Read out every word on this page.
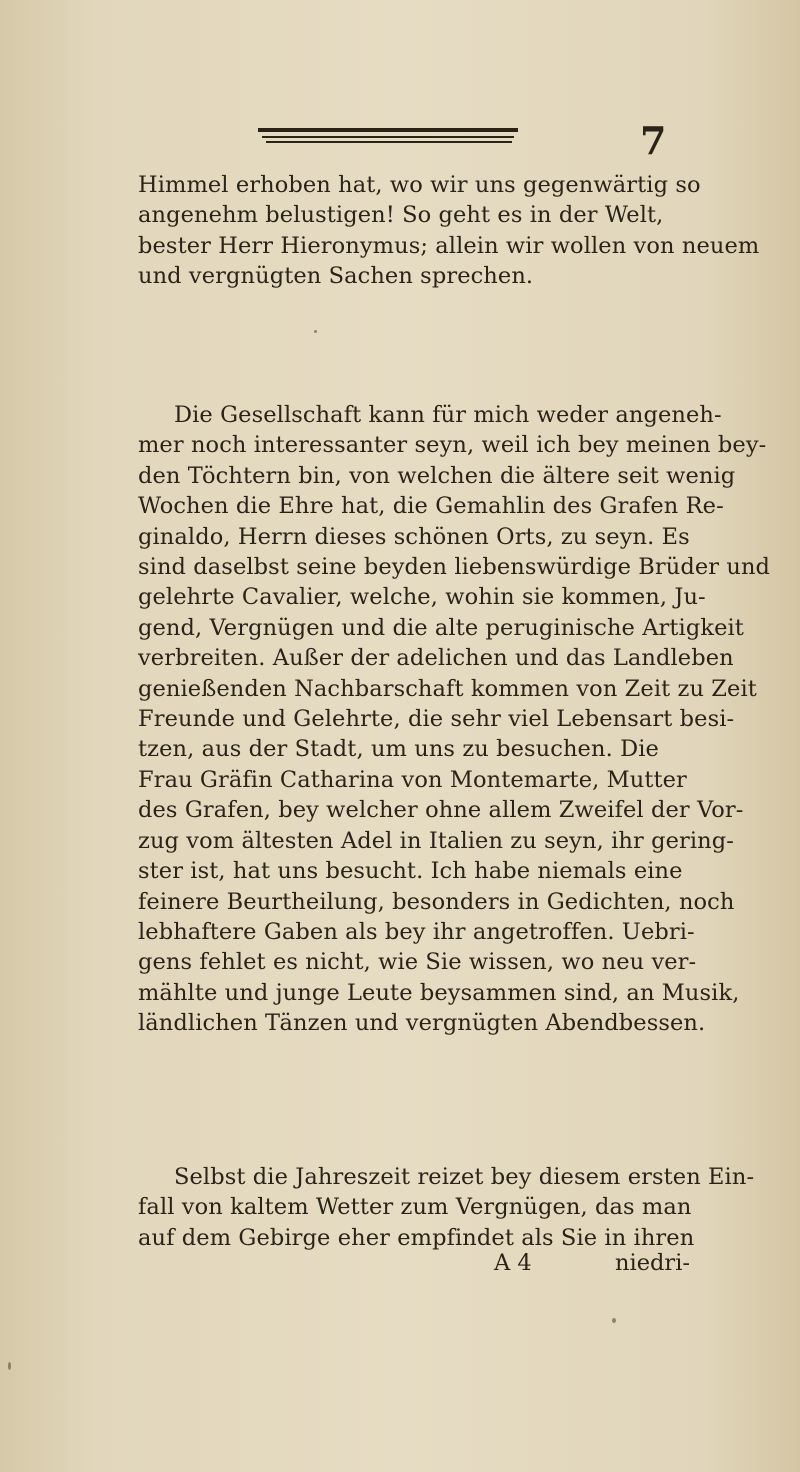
7
Himmel erhoben hat, wo wir uns gegenwärtig so
angenehm belustigen! So geht es in der Welt,
bester Herr Hieronymus; allein wir wollen von neuem
und vergnügten Sachen sprechen.
Die Gesellschaft kann für mich weder angeneh-
mer noch interessanter seyn, weil ich bey meinen bey-
den Töchtern bin, von welchen die ältere seit wenig
Wochen die Ehre hat, die Gemahlin des Grafen Re-
ginaldo, Herrn dieses schönen Orts, zu seyn. Es
sind daselbst seine beyden liebenswürdige Brüder und
gelehrte Cavalier, welche, wohin sie kommen, Ju-
gend, Vergnügen und die alte peruginische Artigkeit
verbreiten. Außer der adelichen und das Landleben
genießenden Nachbarschaft kommen von Zeit zu Zeit
Freunde und Gelehrte, die sehr viel Lebensart besi-
tzen, aus der Stadt, um uns zu besuchen. Die
Frau Gräfin Catharina von Montemarte, Mutter
des Grafen, bey welcher ohne allem Zweifel der Vor-
zug vom ältesten Adel in Italien zu seyn, ihr gering-
ster ist, hat uns besucht. Ich habe niemals eine
feinere Beurtheilung, besonders in Gedichten, noch
lebhaftere Gaben als bey ihr angetroffen. Uebri-
gens fehlet es nicht, wie Sie wissen, wo neu ver-
mählte und junge Leute beysammen sind, an Musik,
ländlichen Tänzen und vergnügten Abendbessen.
Selbst die Jahreszeit reizet bey diesem ersten Ein-
fall von kaltem Wetter zum Vergnügen, das man
auf dem Gebirge eher empfindet als Sie in ihren
A 4	niedri-
